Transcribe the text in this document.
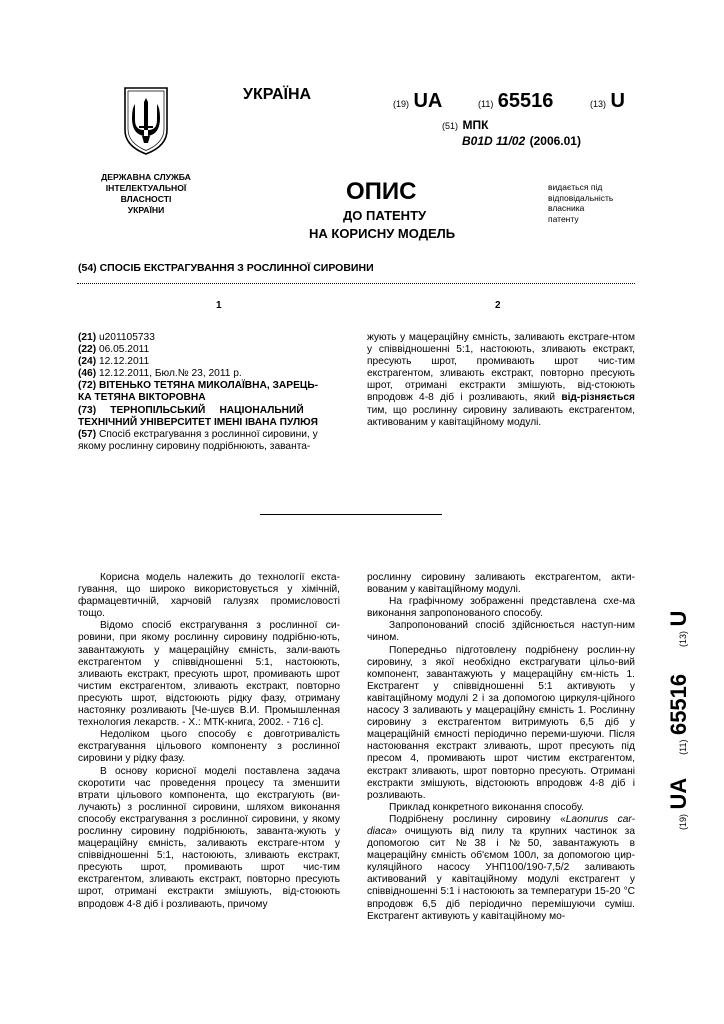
УКРАЇНА
ДЕРЖАВНА СЛУЖБА
ІНТЕЛЕКТУАЛЬНОЇ
ВЛАСНОСТІ
УКРАЇНИ
(19) UA	(11) 65516	(13) U
(51) МПК
B01D 11/02 (2006.01)
ОПИС
ДО ПАТЕНТУ
НА КОРИСНУ МОДЕЛЬ
видається під
відповідальність
власника
патенту
(54) СПОСІБ ЕКСТРАГУВАННЯ З РОСЛИННОЇ СИРОВИНИ
1	2
(21) u201105733
(22) 06.05.2011
(24) 12.12.2011
(46) 12.12.2011, Бюл.№ 23, 2011 р.
(72) ВІТЕНЬКО ТЕТЯНА МИКОЛАЇВНА, ЗАРЕЦЬ-
КА ТЕТЯНА ВІКТОРОВНА
(73) ТЕРНОПІЛЬСЬКИЙ     НАЦІОНАЛЬНИЙ
ТЕХНІЧНИЙ УНІВЕРСИТЕТ ІМЕНІ ІВАНА ПУЛЮЯ
(57) Спосіб екстрагування з рослинної сировини, у
якому рослинну сировину подрібнюють, заванта-
жують у мацераційну ємність, заливають екстраге-нтом у співвідношенні 5:1, настоюють, зливають екстракт, пресують шрот, промивають шрот чис-тим екстрагентом, зливають екстракт, повторно пресують шрот, отримані екстракти змішують, від-стоюють впродовж 4-8 діб і розливають, який від-різняється тим, що рослинну сировину заливають екстрагентом, активованим у кавітаційному модулі.

Корисна модель належить до технології екста-гування, що широко використовується у хімічній, фармацевтичній, харчовій галузях промисловості тощо.

Відомо спосіб екстрагування з рослинної си-ровини, при якому рослинну сировину подрібню-ють, завантажують у мацераційну ємність, зали-вають екстрагентом у співвідношенні 5:1, настоюють, зливають екстракт, пресують шрот, промивають шрот чистим екстрагентом, зливають екстракт, повторно пресують шрот, відстоюють рідку фазу, отриману настоянку розливають [Че-шуєв В.И. Промышленная технология лекарств. - Х.: МТК-книга, 2002. - 716 с].

Недоліком цього способу є довготривалість екстрагування цільового компоненту з рослинної сировини у рідку фазу.

В основу корисної моделі поставлена задача скоротити час проведення процесу та зменшити втрати цільового компонента, що екстрагують (ви-лучають) з рослинної сировини, шляхом виконання способу екстрагування з рослинної сировини, у якому рослинну сировину подрібнюють, заванта-жують у мацераційну ємність, заливають екстраге-нтом у співвідношенні 5:1, настоюють, зливають екстракт, пресують шрот, промивають шрот чис-тим екстрагентом, зливають екстракт, повторно пресують шрот, отримані екстракти змішують, від-стоюють впродовж 4-8 діб і розливають, причому

рослинну сировину заливають екстрагентом, акти-вованим у кавітаційному модулі.

На графічному зображенні представлена схе-ма виконання запропонованого способу.

Запропонований спосіб здійснюється наступ-ним чином.

Попередньо підготовлену подрібнену рослин-ну сировину, з якої необхідно екстрагувати цільо-вий компонент, завантажують у мацераційну єм-ність 1. Екстрагент у співвідношенні 5:1 активують у кавітаційному модулі 2 і за допомогою циркуля-ційного насосу 3 заливають у мацераційну ємність 1. Рослинну сировину з екстрагентом витримують 6,5 діб у мацераційній ємності періодично переми-шуючи. Після настоювання екстракт зливають, шрот пресують під пресом 4, промивають шрот чистим екстрагентом, екстракт зливають, шрот повторно пресують. Отримані екстракти змішують, відстоюють впродовж 4-8 діб і розливають.

Приклад конкретного виконання способу.

Подрібнену рослинну сировину «Laonurus car-diaca» очищують від пилу та крупних частинок за допомогою сит №38 і №50, завантажують в мацераційну ємність об'ємом 100л, за допомогою цир-куляційного насосу УНП100/190-7,5/2 заливають активований у кавітаційному модулі екстрагент у співвідношенні 5:1 і настоюють за температури 15-20 °С впродовж 6,5 діб періодично перемішуючи суміш. Екстрагент активують у кавітаційному мо-

(19) UA  (11) 65516  (13) U
